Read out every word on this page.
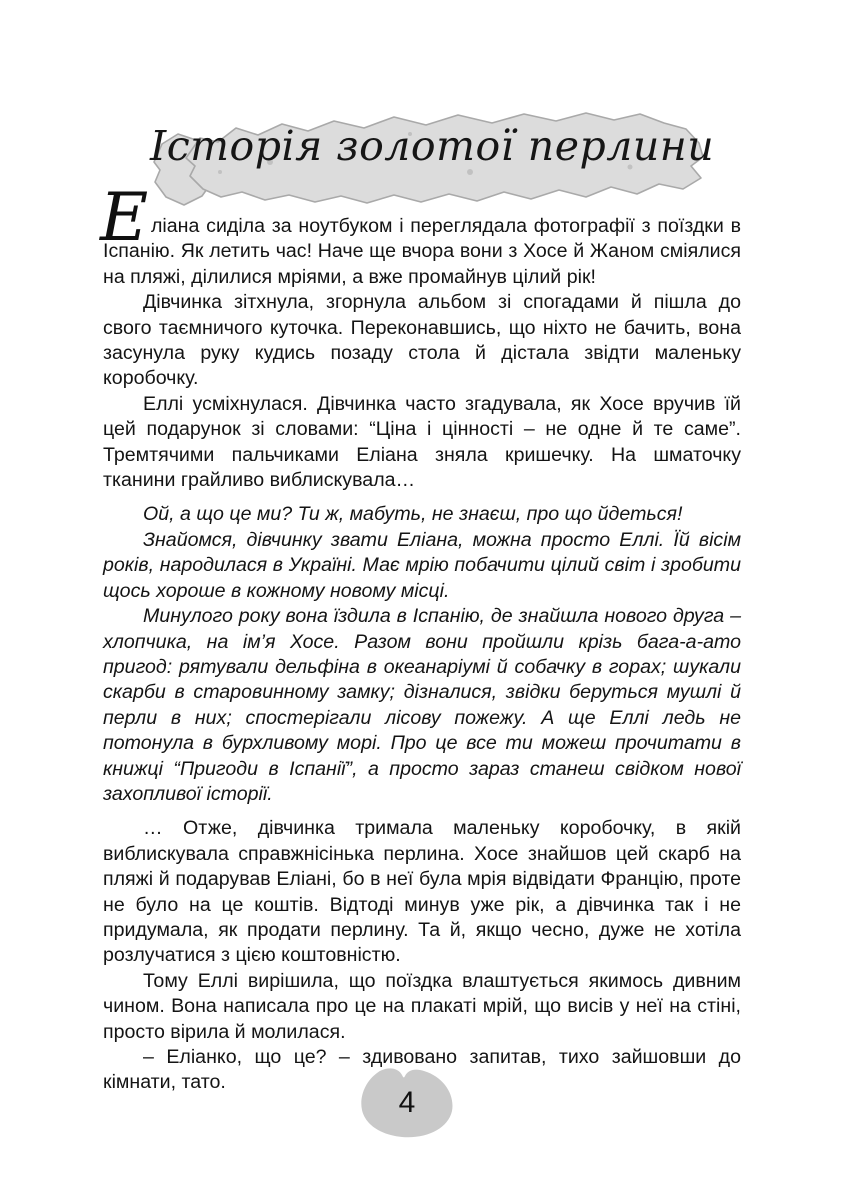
Історія золотої перлини

Е ліана сиділа за ноутбуком і переглядала фотографії з поїздки в Іспанію. Як летить час! Наче ще вчора вони з Хосе й Жаном сміялися на пляжі, ділилися мріями, а вже промайнув цілий рік!

Дівчинка зітхнула, згорнула альбом зі спогадами й пішла до свого таємничого куточка. Переконавшись, що ніхто не бачить, вона засунула руку кудись позаду стола й дістала звідти маленьку коробочку.

Еллі усміхнулася. Дівчинка часто згадувала, як Хосе вручив їй цей подарунок зі словами: “Ціна і цінності – не одне й те саме”. Тремтячими пальчиками Еліана зняла кришечку. На шматочку тканини грайливо виблискувала…

Ой, а що це ми? Ти ж, мабуть, не знаєш, про що йдеться!

Знайомся, дівчинку звати Еліана, можна просто Еллі. Їй вісім років, народилася в Україні. Має мрію побачити цілий світ і зробити щось хороше в кожному новому місці.

Минулого року вона їздила в Іспанію, де знайшла нового друга – хлопчика, на ім’я Хосе. Разом вони пройшли крізь бага-а-ато пригод: рятували дельфіна в океанаріумі й собачку в горах; шукали скарби в старовинному замку; дізналися, звідки беруться мушлі й перли в них; спостерігали лісову пожежу. А ще Еллі ледь не потонула в бурхливому морі. Про це все ти можеш прочитати в книжці “Пригоди в Іспанії”, а просто зараз станеш свідком нової захопливої історії.

… Отже, дівчинка тримала маленьку коробочку, в якій виблискувала справжнісінька перлина. Хосе знайшов цей скарб на пляжі й подарував Еліані, бо в неї була мрія відвідати Францію, проте не було на це коштів. Відтоді минув уже рік, а дівчинка так і не придумала, як продати перлину. Та й, якщо чесно, дуже не хотіла розлучатися з цією коштовністю.

Тому Еллі вирішила, що поїздка влаштується якимось дивним чином. Вона написала про це на плакаті мрій, що висів у неї на стіні, просто вірила й молилася.

– Еліанко, що це? – здивовано запитав, тихо зайшовши до кімнати, тато.

4
